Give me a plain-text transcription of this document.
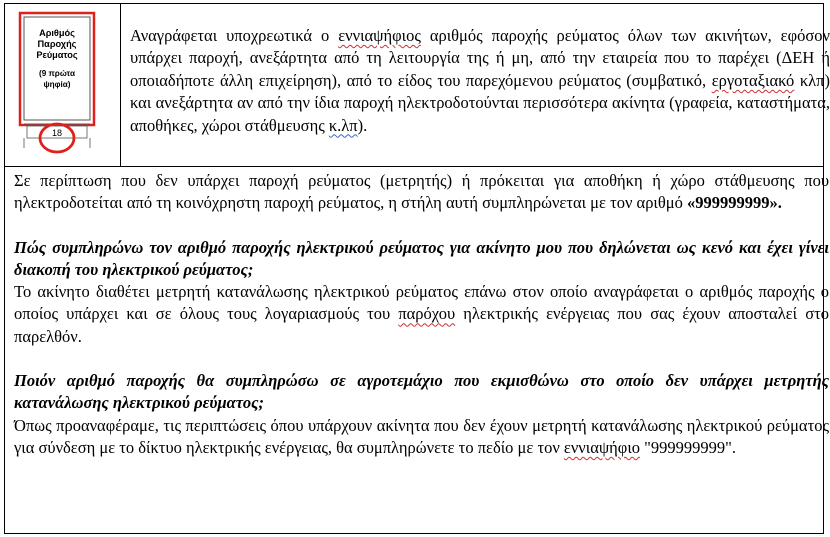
Αριθμός
Παροχής
Ρεύματος
(9 πρώτα
ψηφία)
18

Αναγράφεται υποχρεωτικά ο εννιαψήφιος αριθμός παροχής ρεύματος όλων των ακινήτων, εφόσον υπάρχει παροχή, ανεξάρτητα από τη λειτουργία της ή μη, από την εταιρεία που το παρέχει (ΔΕΗ ή οποιαδήποτε άλλη επιχείρηση), από το είδος του παρεχόμενου ρεύματος (συμβατικό, εργοταξιακό κλπ) και ανεξάρτητα αν από την ίδια παροχή ηλεκτροδοτούνται περισσότερα ακίνητα (γραφεία, καταστήματα, αποθήκες, χώροι στάθμευσης κ.λπ).

Σε περίπτωση που δεν υπάρχει παροχή ρεύματος (μετρητής) ή πρόκειται για αποθήκη ή χώρο στάθμευσης που ηλεκτροδοτείται από τη κοινόχρηστη παροχή ρεύματος, η στήλη αυτή συμπληρώνεται με τον αριθμό «999999999».

Πώς συμπληρώνω τον αριθμό παροχής ηλεκτρικού ρεύματος για ακίνητο μου που δηλώνεται ως κενό και έχει γίνει διακοπή του ηλεκτρικού ρεύματος;

Το ακίνητο διαθέτει μετρητή κατανάλωσης ηλεκτρικού ρεύματος επάνω στον οποίο αναγράφεται ο αριθμός παροχής ο οποίος υπάρχει και σε όλους τους λογαριασμούς του παρόχου ηλεκτρικής ενέργειας που σας έχουν αποσταλεί στο παρελθόν.

Ποιόν αριθμό παροχής θα συμπληρώσω σε αγροτεμάχιο που εκμισθώνω στο οποίο δεν υπάρχει μετρητής κατανάλωσης ηλεκτρικού ρεύματος;

Όπως προαναφέραμε, τις περιπτώσεις όπου υπάρχουν ακίνητα που δεν έχουν μετρητή κατανάλωσης ηλεκτρικού ρεύματος για σύνδεση με το δίκτυο ηλεκτρικής ενέργειας, θα συμπληρώνετε το πεδίο με τον εννιαψήφιο "999999999".
